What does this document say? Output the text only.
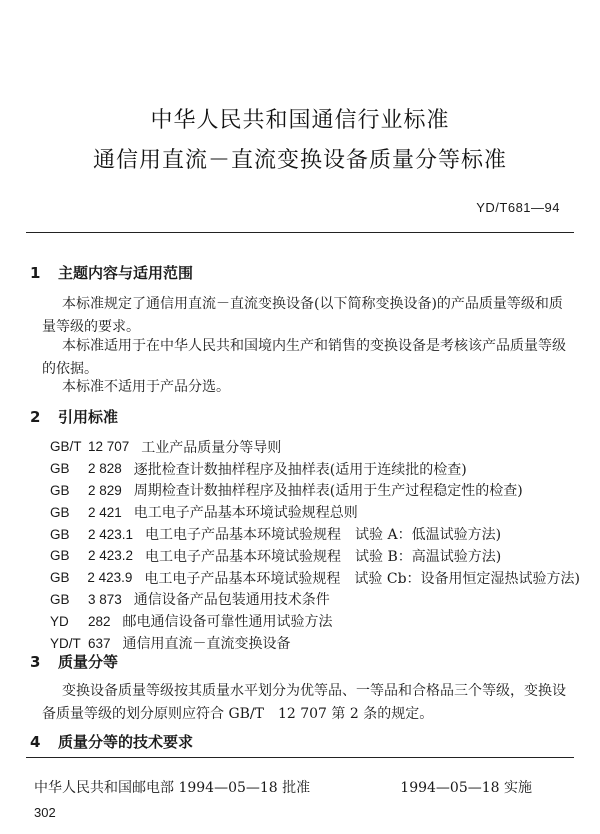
中华人民共和国通信行业标准
通信用直流－直流变换设备质量分等标准
YD/T681—94
1 主题内容与适用范围
本标准规定了通信用直流－直流变换设备(以下简称变换设备)的产品质量等级和质量等级的要求。
本标准适用于在中华人民共和国境内生产和销售的变换设备是考核该产品质量等级的依据。
本标准不适用于产品分选。
2 引用标准
GB/T 12 707 工业产品质量分等导则
GB	2 828 逐批检查计数抽样程序及抽样表(适用于连续批的检查)
GB	2 829 周期检查计数抽样程序及抽样表(适用于生产过程稳定性的检查)
GB	2 421 电工电子产品基本环境试验规程总则
GB	2 423.1 电工电子产品基本环境试验规程　试验 A：低温试验方法)
GB	2 423.2 电工电子产品基本环境试验规程　试验 B：高温试验方法)
GB	2 423.9 电工电子产品基本环境试验规程　试验 Cb：设备用恒定湿热试验方法)
GB	3 873 通信设备产品包装通用技术条件
YD	282 邮电通信设备可靠性通用试验方法
YD/T 637 通信用直流－直流变换设备
3 质量分等
变换设备质量等级按其质量水平划分为优等品、一等品和合格品三个等级，变换设备质量等级的划分原则应符合 GB/T　12 707 第 2 条的规定。
4 质量分等的技术要求
中华人民共和国邮电部 1994—05—18 批准	1994—05—18 实施
302
